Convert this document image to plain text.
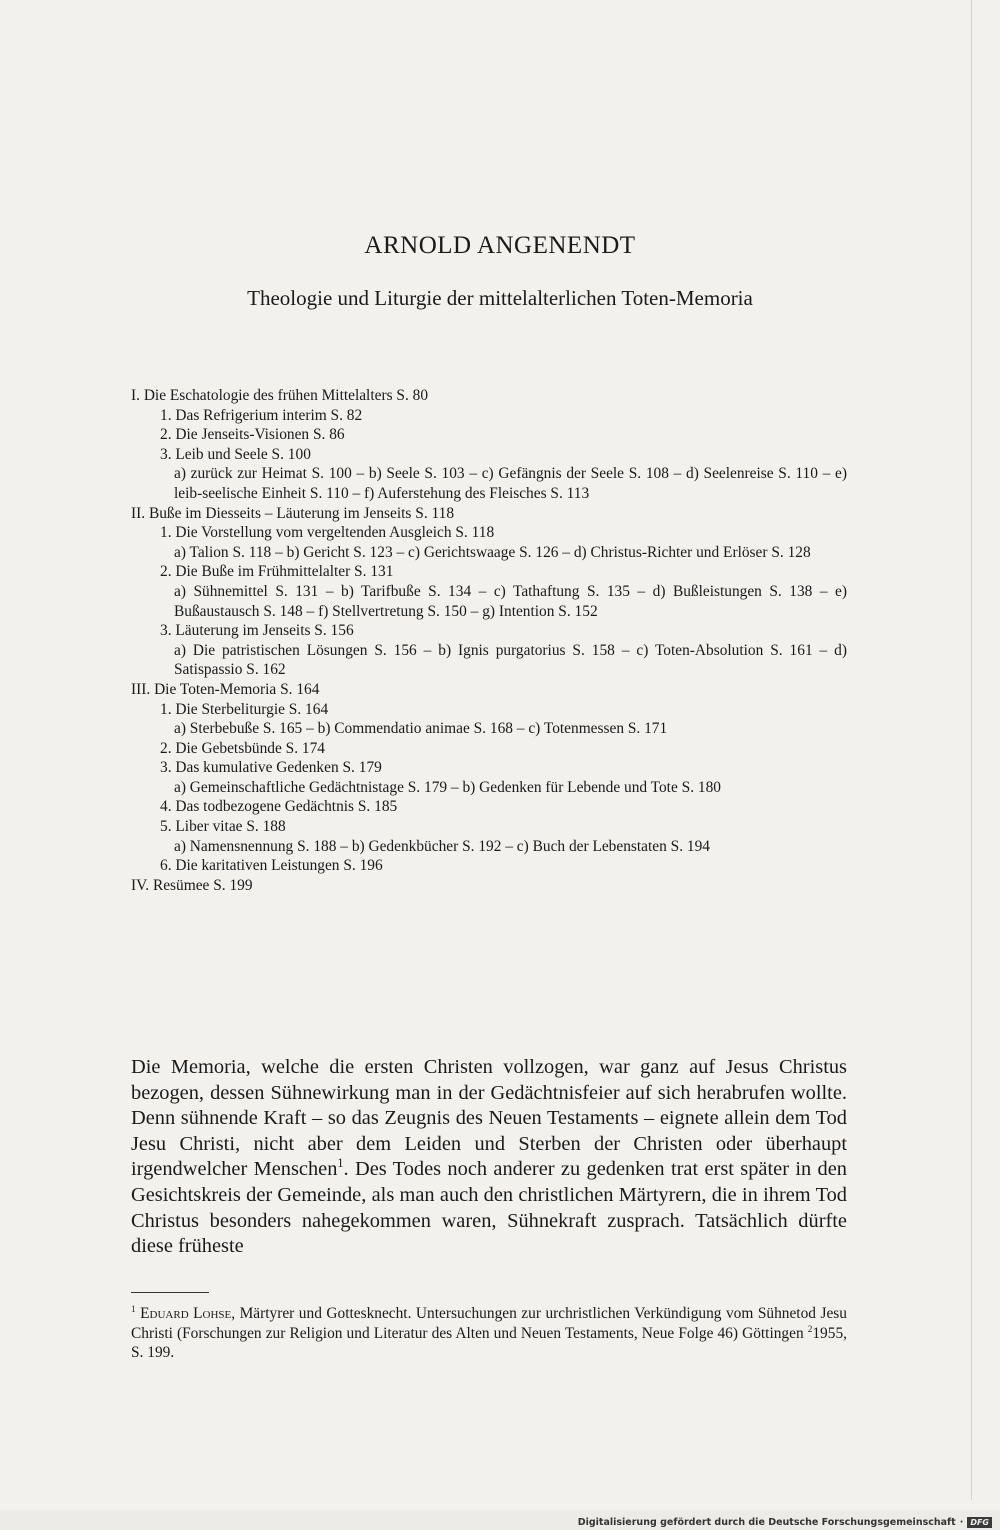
ARNOLD ANGENENDT
Theologie und Liturgie der mittelalterlichen Toten-Memoria
I. Die Eschatologie des frühen Mittelalters S. 80
1. Das Refrigerium interim S. 82
2. Die Jenseits-Visionen S. 86
3. Leib und Seele S. 100
a) zurück zur Heimat S. 100 – b) Seele S. 103 – c) Gefängnis der Seele S. 108 – d) Seelenreise S. 110 – e) leib-seelische Einheit S. 110 – f) Auferstehung des Fleisches S. 113
II. Buße im Diesseits – Läuterung im Jenseits S. 118
1. Die Vorstellung vom vergeltenden Ausgleich S. 118
a) Talion S. 118 – b) Gericht S. 123 – c) Gerichtswaage S. 126 – d) Christus-Richter und Erlöser S. 128
2. Die Buße im Frühmittelalter S. 131
a) Sühnemittel S. 131 – b) Tarifbuße S. 134 – c) Tathaftung S. 135 – d) Bußleistungen S. 138 – e) Bußaustausch S. 148 – f) Stellvertretung S. 150 – g) Intention S. 152
3. Läuterung im Jenseits S. 156
a) Die patristischen Lösungen S. 156 – b) Ignis purgatorius S. 158 – c) Toten-Absolution S. 161 – d) Satispassio S. 162
III. Die Toten-Memoria S. 164
1. Die Sterbeliturgie S. 164
a) Sterbebuße S. 165 – b) Commendatio animae S. 168 – c) Totenmessen S. 171
2. Die Gebetsbünde S. 174
3. Das kumulative Gedenken S. 179
a) Gemeinschaftliche Gedächtnistage S. 179 – b) Gedenken für Lebende und Tote S. 180
4. Das todbezogene Gedächtnis S. 185
5. Liber vitae S. 188
a) Namensnennung S. 188 – b) Gedenkbücher S. 192 – c) Buch der Lebenstaten S. 194
6. Die karitativen Leistungen S. 196
IV. Resümee S. 199
Die Memoria, welche die ersten Christen vollzogen, war ganz auf Jesus Christus bezogen, dessen Sühnewirkung man in der Gedächtnisfeier auf sich herabrufen wollte. Denn sühnende Kraft – so das Zeugnis des Neuen Testaments – eignete allein dem Tod Jesu Christi, nicht aber dem Leiden und Sterben der Christen oder überhaupt irgendwelcher Menschen$^1$. Des Todes noch anderer zu gedenken trat erst später in den Gesichtskreis der Gemeinde, als man auch den christlichen Märtyrern, die in ihrem Tod Christus besonders nahegekommen waren, Sühnekraft zusprach. Tatsächlich dürfte diese früheste
$^1$ Eduard Lohse, Märtyrer und Gottesknecht. Untersuchungen zur urchristlichen Verkündigung vom Sühnetod Jesu Christi (Forschungen zur Religion und Literatur des Alten und Neuen Testaments, Neue Folge 46) Göttingen $^2$1955, S. 199.
Digitalisierung gefördert durch die Deutsche Forschungsgemeinschaft · DFG
